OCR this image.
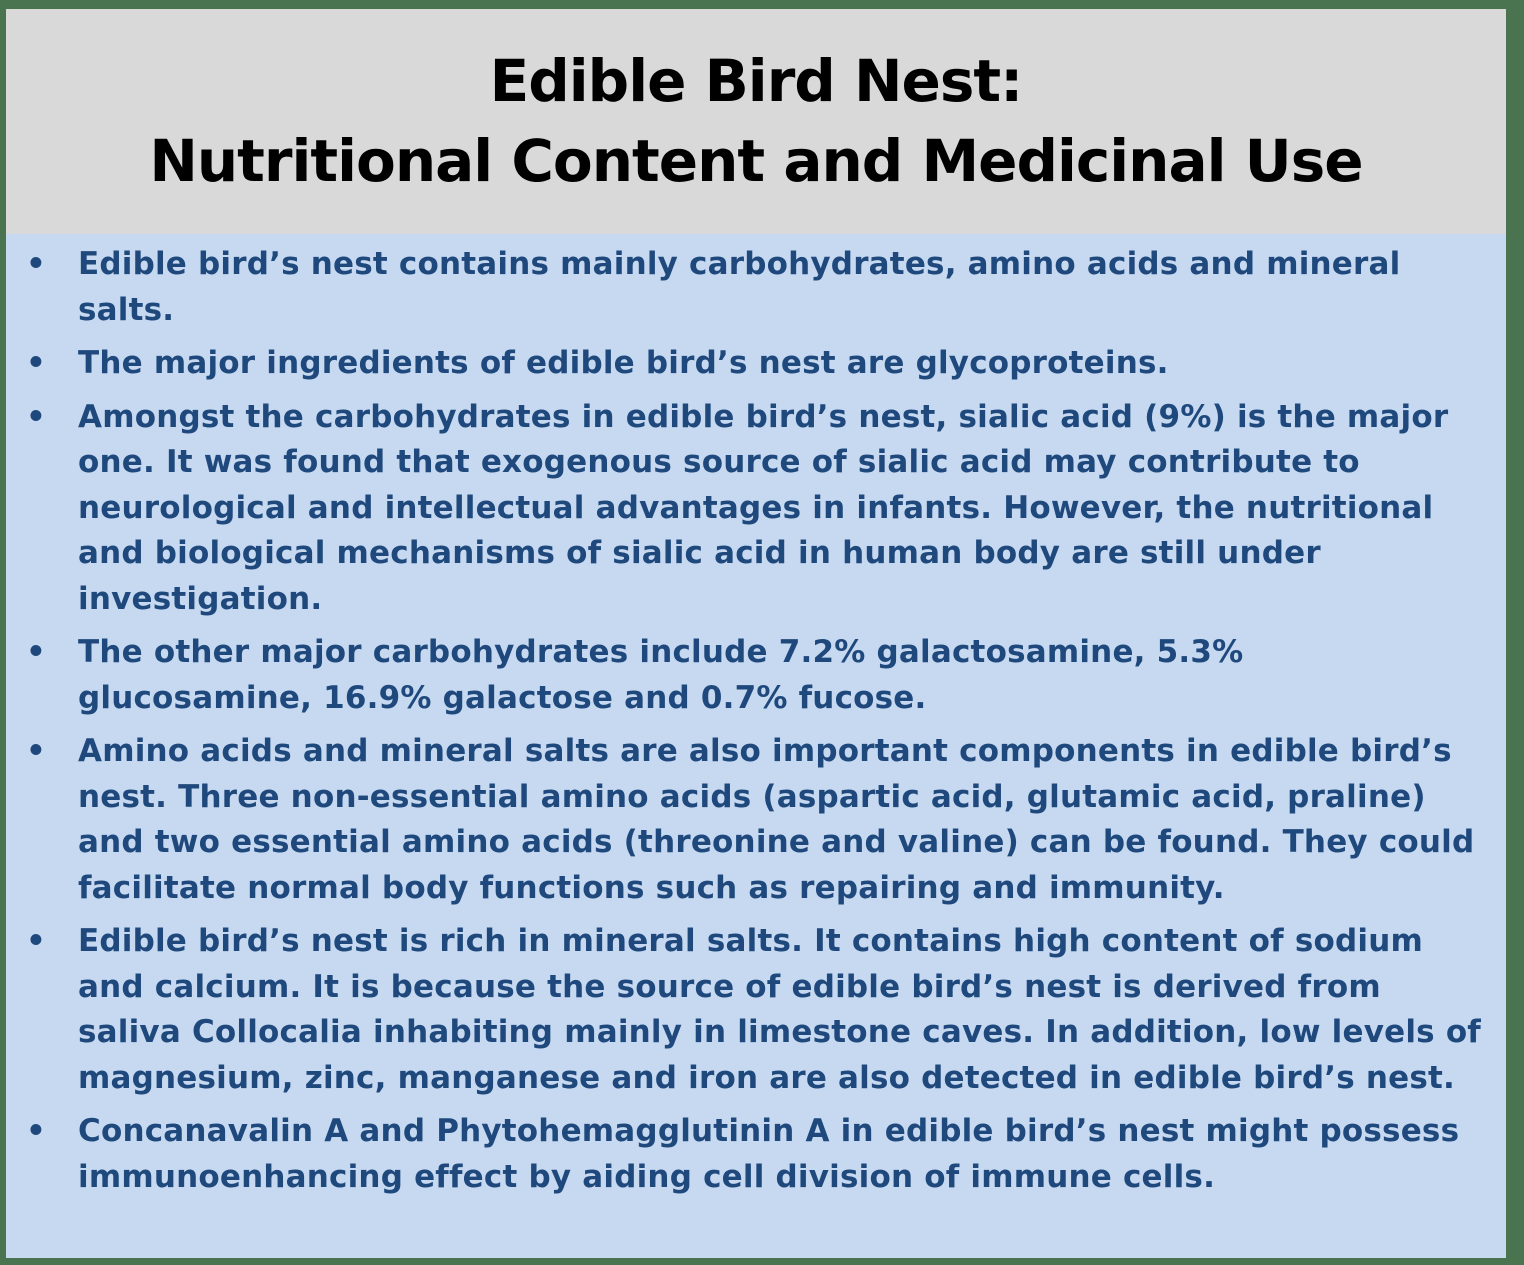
Edible Bird Nest:
Nutritional Content and Medicinal Use
• Edible bird’s nest contains mainly carbohydrates, amino acids and mineral salts.
• The major ingredients of edible bird’s nest are glycoproteins.
• Amongst the carbohydrates in edible bird’s nest, sialic acid (9%) is the major one. It was found that exogenous source of sialic acid may contribute to neurological and intellectual advantages in infants. However, the nutritional and biological mechanisms of sialic acid in human body are still under investigation.
• The other major carbohydrates include 7.2% galactosamine, 5.3% glucosamine, 16.9% galactose and 0.7% fucose.
• Amino acids and mineral salts are also important components in edible bird’s nest. Three non-essential amino acids (aspartic acid, glutamic acid, praline) and two essential amino acids (threonine and valine) can be found. They could facilitate normal body functions such as repairing and immunity.
• Edible bird’s nest is rich in mineral salts. It contains high content of sodium and calcium. It is because the source of edible bird’s nest is derived from saliva Collocalia inhabiting mainly in limestone caves. In addition, low levels of magnesium, zinc, manganese and iron are also detected in edible bird’s nest.
• Concanavalin A and Phytohemagglutinin A in edible bird’s nest might possess immunoenhancing effect by aiding cell division of immune cells.
